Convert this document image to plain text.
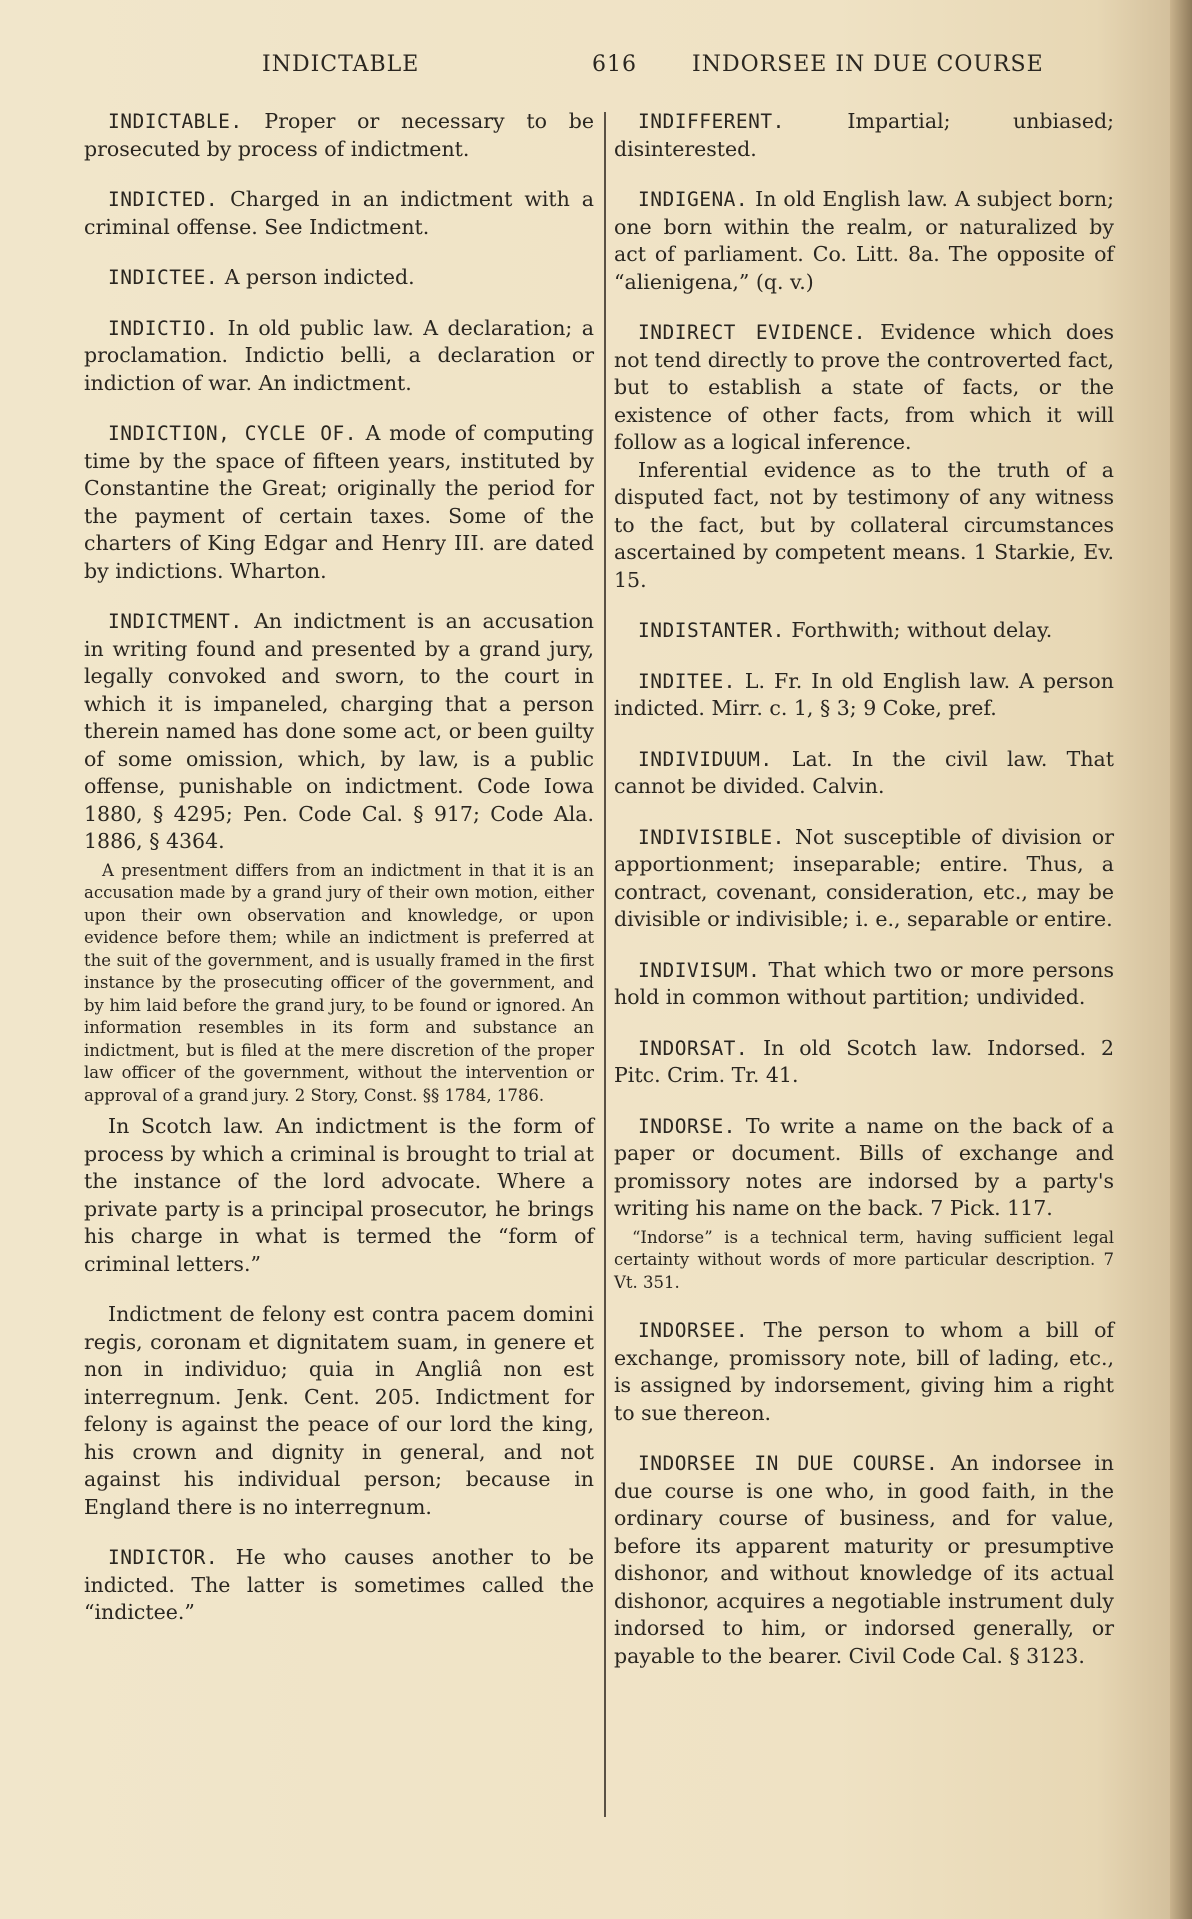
INDICTABLE	616	INDORSEE IN DUE COURSE

INDICTABLE. Proper or necessary to be prosecuted by process of indictment.

INDICTED. Charged in an indictment with a criminal offense. See Indictment.

INDICTEE. A person indicted.

INDICTIO. In old public law. A declaration; a proclamation. Indictio belli, a declaration or indiction of war. An indictment.

INDICTION, CYCLE OF. A mode of computing time by the space of fifteen years, instituted by Constantine the Great; originally the period for the payment of certain taxes. Some of the charters of King Edgar and Henry III. are dated by indictions. Wharton.

INDICTMENT. An indictment is an accusation in writing found and presented by a grand jury, legally convoked and sworn, to the court in which it is impaneled, charging that a person therein named has done some act, or been guilty of some omission, which, by law, is a public offense, punishable on indictment. Code Iowa 1880, § 4295; Pen. Code Cal. § 917; Code Ala. 1886, § 4364.

A presentment differs from an indictment in that it is an accusation made by a grand jury of their own motion, either upon their own observation and knowledge, or upon evidence before them; while an indictment is preferred at the suit of the government, and is usually framed in the first instance by the prosecuting officer of the government, and by him laid before the grand jury, to be found or ignored. An information resembles in its form and substance an indictment, but is filed at the mere discretion of the proper law officer of the government, without the intervention or approval of a grand jury. 2 Story, Const. §§ 1784, 1786.

In Scotch law. An indictment is the form of process by which a criminal is brought to trial at the instance of the lord advocate. Where a private party is a principal prosecutor, he brings his charge in what is termed the “form of criminal letters.”

Indictment de felony est contra pacem domini regis, coronam et dignitatem suam, in genere et non in individuo; quia in Angliâ non est interregnum. Jenk. Cent. 205. Indictment for felony is against the peace of our lord the king, his crown and dignity in general, and not against his individual person; because in England there is no interregnum.

INDICTOR. He who causes another to be indicted. The latter is sometimes called the “indictee.”

INDIFFERENT.	Impartial; unbiased; disinterested.

INDIGENA. In old English law. A subject born; one born within the realm, or naturalized by act of parliament. Co. Litt. 8a. The opposite of “alienigena,” (q. v.)

INDIRECT EVIDENCE. Evidence which does not tend directly to prove the controverted fact, but to establish a state of facts, or the existence of other facts, from which it will follow as a logical inference.

Inferential evidence as to the truth of a disputed fact, not by testimony of any witness to the fact, but by collateral circumstances ascertained by competent means. 1 Starkie, Ev. 15.

INDISTANTER. Forthwith; without delay.

INDITEE. L. Fr. In old English law. A person indicted. Mirr. c. 1, § 3; 9 Coke, pref.

INDIVIDUUM. Lat. In the civil law. That cannot be divided. Calvin.

INDIVISIBLE. Not susceptible of division or apportionment; inseparable; entire. Thus, a contract, covenant, consideration, etc., may be divisible or indivisible; i. e., separable or entire.

INDIVISUM. That which two or more persons hold in common without partition; undivided.

INDORSAT. In old Scotch law. Indorsed. 2 Pitc. Crim. Tr. 41.

INDORSE. To write a name on the back of a paper or document. Bills of exchange and promissory notes are indorsed by a party's writing his name on the back. 7 Pick. 117.

“Indorse” is a technical term, having sufficient legal certainty without words of more particular description. 7 Vt. 351.

INDORSEE. The person to whom a bill of exchange, promissory note, bill of lading, etc., is assigned by indorsement, giving him a right to sue thereon.

INDORSEE IN DUE COURSE. An indorsee in due course is one who, in good faith, in the ordinary course of business, and for value, before its apparent maturity or presumptive dishonor, and without knowledge of its actual dishonor, acquires a negotiable instrument duly indorsed to him, or indorsed generally, or payable to the bearer. Civil Code Cal. § 3123.
